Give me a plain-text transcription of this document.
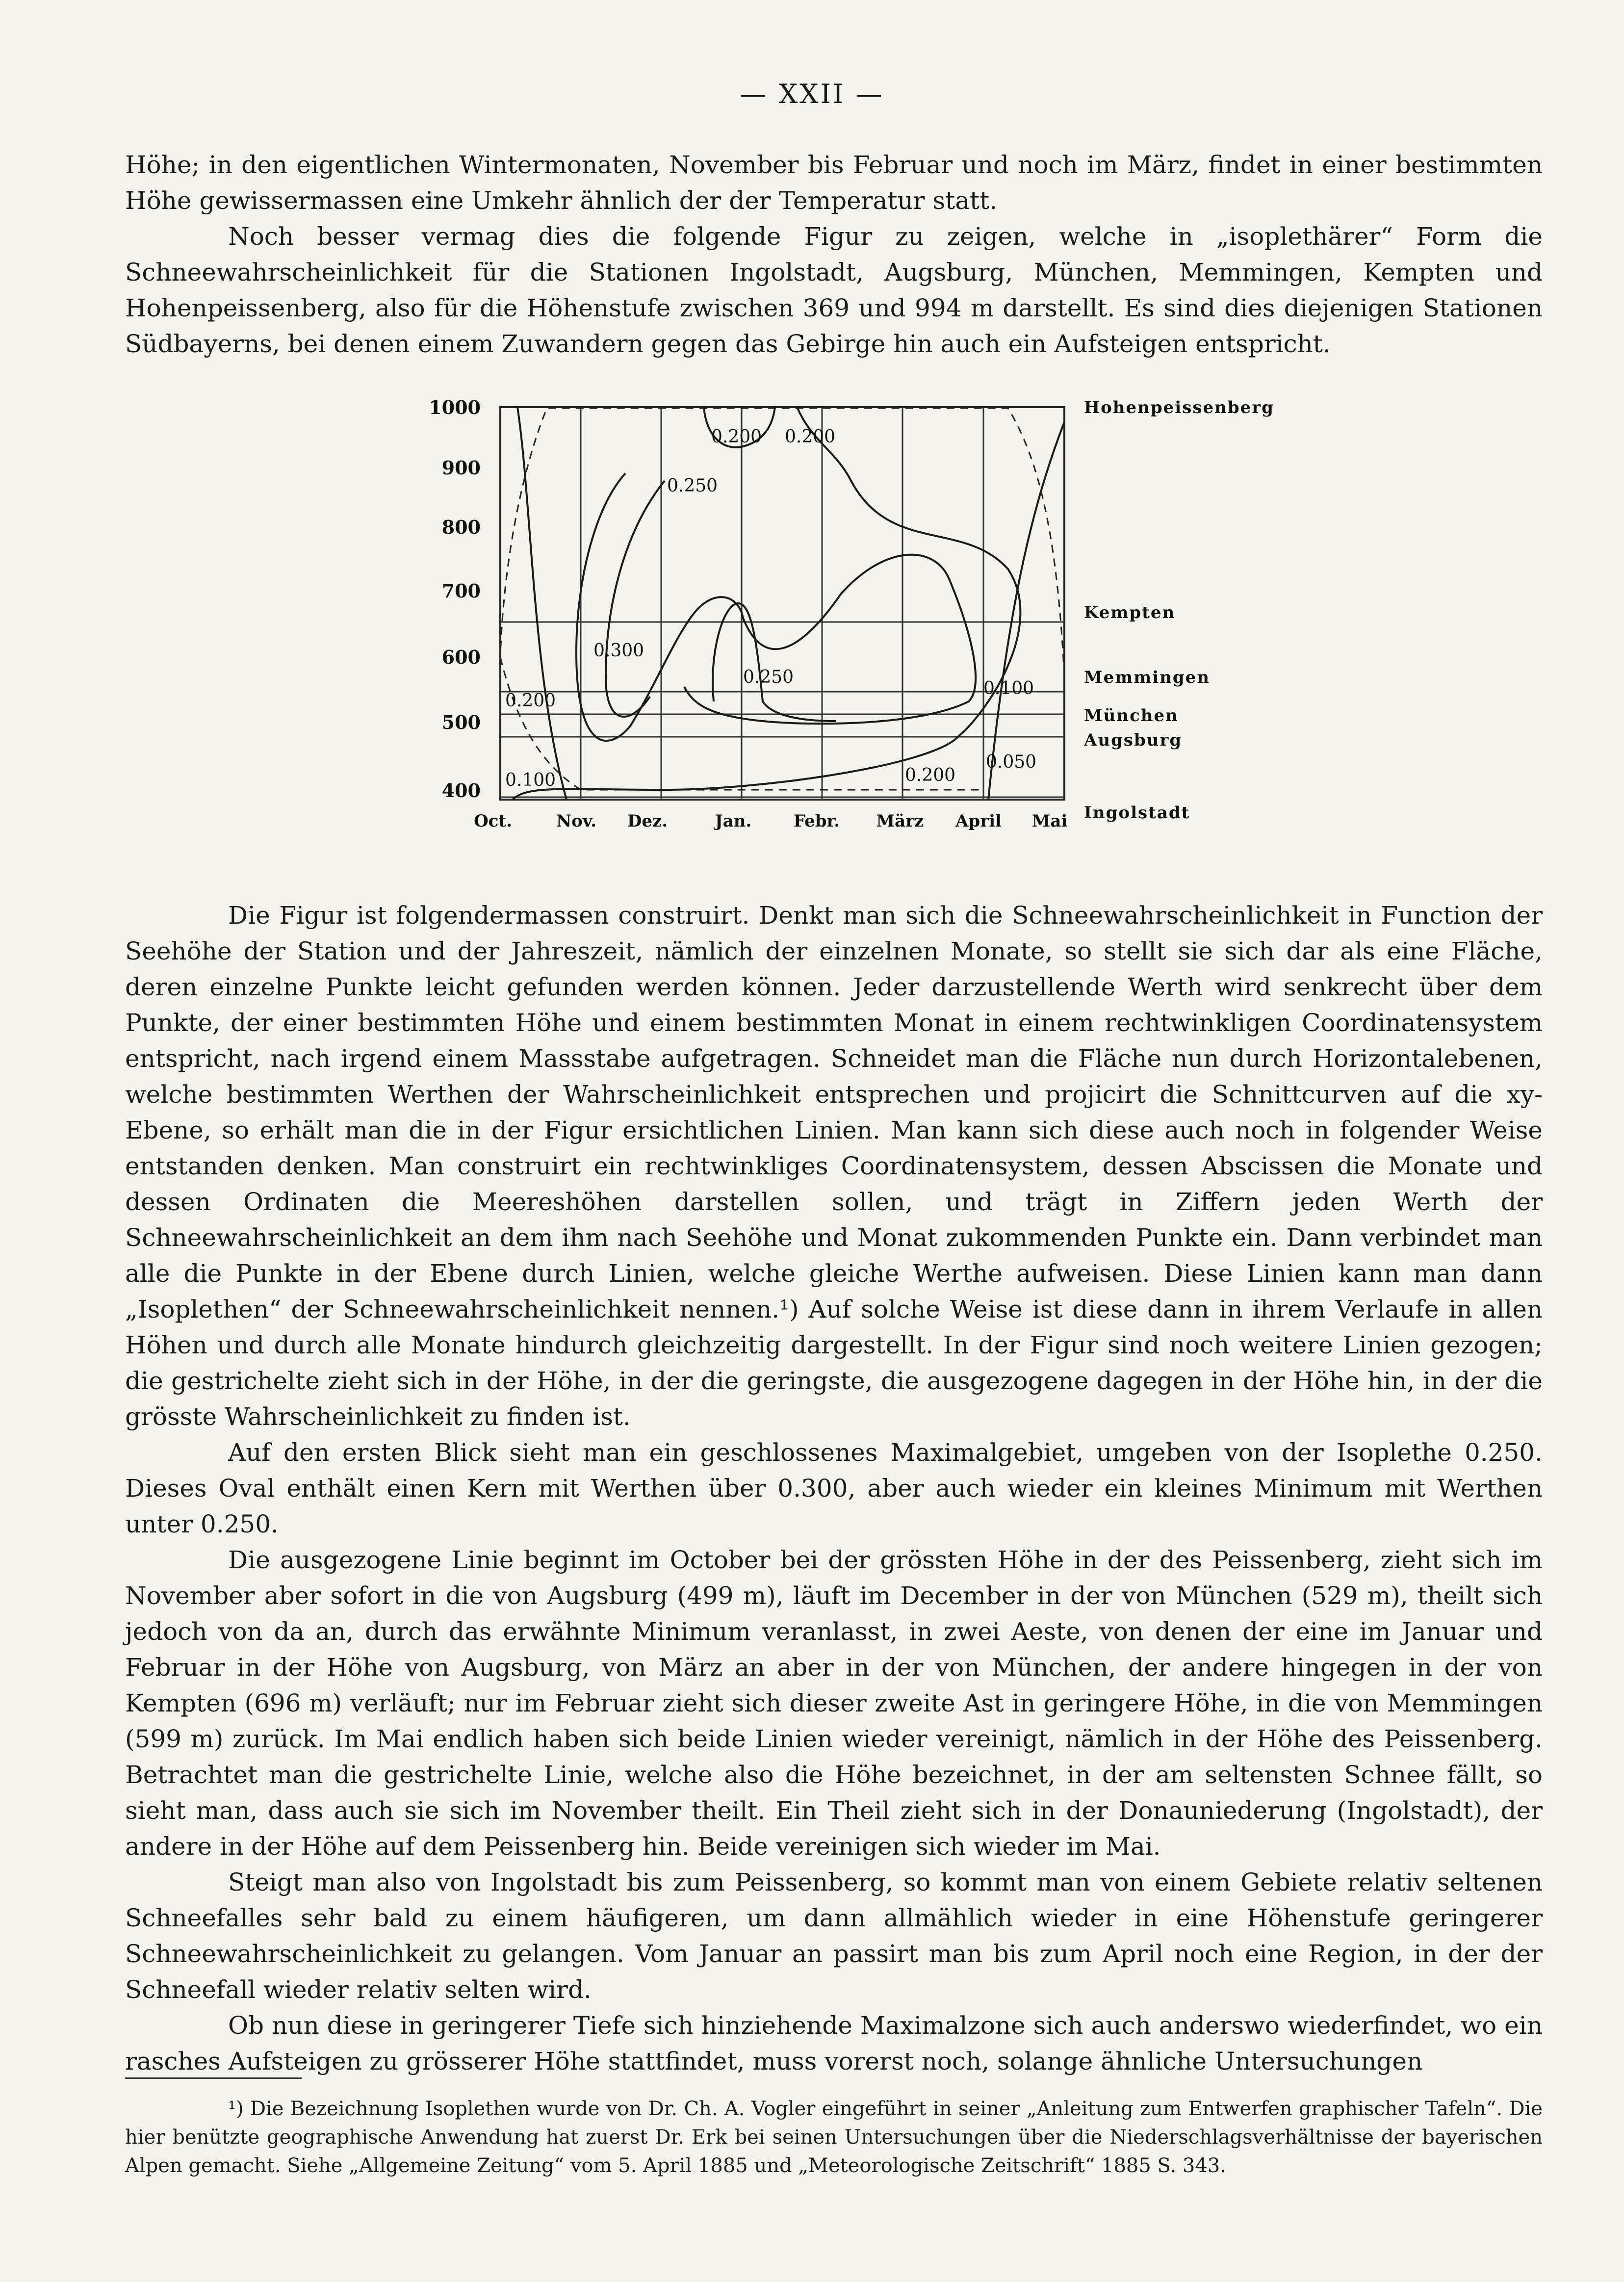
— XXII —

Höhe; in den eigentlichen Wintermonaten, November bis Februar und noch im März, findet in einer bestimmten Höhe gewissermassen eine Umkehr ähnlich der der Temperatur statt.

Noch besser vermag dies die folgende Figur zu zeigen, welche in „isoplethärer“ Form die Schneewahrscheinlichkeit für die Stationen Ingolstadt, Augsburg, München, Memmingen, Kempten und Hohenpeissenberg, also für die Höhenstufe zwischen 369 und 994 m darstellt. Es sind dies diejenigen Stationen Südbayerns, bei denen einem Zuwandern gegen das Gebirge hin auch ein Aufsteigen entspricht.

1000
900
800
700
600
500
400
Oct.	Nov. Dez.	Jan.	Febr. März April Mai
Hohenpeissenberg
Kempten
Memmingen
München
Augsburg
Ingolstadt
0.200 0.200
0.250
0.300
0.250
0.100
0.200
0.100	0.200
0.050

Die Figur ist folgendermassen construirt. Denkt man sich die Schneewahrscheinlichkeit in Function der Seehöhe der Station und der Jahreszeit, nämlich der einzelnen Monate, so stellt sie sich dar als eine Fläche, deren einzelne Punkte leicht gefunden werden können. Jeder darzustellende Werth wird senkrecht über dem Punkte, der einer bestimmten Höhe und einem bestimmten Monat in einem rechtwinkligen Coordinatensystem entspricht, nach irgend einem Massstabe aufgetragen. Schneidet man die Fläche nun durch Horizontalebenen, welche bestimmten Werthen der Wahrscheinlichkeit entsprechen und projicirt die Schnittcurven auf die xy-Ebene, so erhält man die in der Figur ersichtlichen Linien. Man kann sich diese auch noch in folgender Weise entstanden denken. Man construirt ein rechtwinkliges Coordinatensystem, dessen Abscissen die Monate und dessen Ordinaten die Meereshöhen darstellen sollen, und trägt in Ziffern jeden Werth der Schneewahrscheinlichkeit an dem ihm nach Seehöhe und Monat zukommenden Punkte ein. Dann verbindet man alle die Punkte in der Ebene durch Linien, welche gleiche Werthe aufweisen. Diese Linien kann man dann „Isoplethen“ der Schneewahrscheinlichkeit nennen.¹) Auf solche Weise ist diese dann in ihrem Verlaufe in allen Höhen und durch alle Monate hindurch gleichzeitig dargestellt. In der Figur sind noch weitere Linien gezogen; die gestrichelte zieht sich in der Höhe, in der die geringste, die ausgezogene dagegen in der Höhe hin, in der die grösste Wahrscheinlichkeit zu finden ist.

Auf den ersten Blick sieht man ein geschlossenes Maximalgebiet, umgeben von der Isoplethe 0.250. Dieses Oval enthält einen Kern mit Werthen über 0.300, aber auch wieder ein kleines Minimum mit Werthen unter 0.250.

Die ausgezogene Linie beginnt im October bei der grössten Höhe in der des Peissenberg, zieht sich im November aber sofort in die von Augsburg (499 m), läuft im December in der von München (529 m), theilt sich jedoch von da an, durch das erwähnte Minimum veranlasst, in zwei Aeste, von denen der eine im Januar und Februar in der Höhe von Augsburg, von März an aber in der von München, der andere hingegen in der von Kempten (696 m) verläuft; nur im Februar zieht sich dieser zweite Ast in geringere Höhe, in die von Memmingen (599 m) zurück. Im Mai endlich haben sich beide Linien wieder vereinigt, nämlich in der Höhe des Peissenberg. Betrachtet man die gestrichelte Linie, welche also die Höhe bezeichnet, in der am seltensten Schnee fällt, so sieht man, dass auch sie sich im November theilt. Ein Theil zieht sich in der Donauniederung (Ingolstadt), der andere in der Höhe auf dem Peissenberg hin. Beide vereinigen sich wieder im Mai.

Steigt man also von Ingolstadt bis zum Peissenberg, so kommt man von einem Gebiete relativ seltenen Schneefalles sehr bald zu einem häufigeren, um dann allmählich wieder in eine Höhenstufe geringerer Schneewahrscheinlichkeit zu gelangen. Vom Januar an passirt man bis zum April noch eine Region, in der der Schneefall wieder relativ selten wird.

Ob nun diese in geringerer Tiefe sich hinziehende Maximalzone sich auch anderswo wiederfindet, wo ein rasches Aufsteigen zu grösserer Höhe stattfindet, muss vorerst noch, solange ähnliche Untersuchungen

¹) Die Bezeichnung Isoplethen wurde von Dr. Ch. A. Vogler eingeführt in seiner „Anleitung zum Entwerfen graphischer Tafeln“. Die hier benützte geographische Anwendung hat zuerst Dr. Erk bei seinen Untersuchungen über die Niederschlagsverhältnisse der bayerischen Alpen gemacht. Siehe „Allgemeine Zeitung“ vom 5. April 1885 und „Meteorologische Zeitschrift“ 1885 S. 343.
